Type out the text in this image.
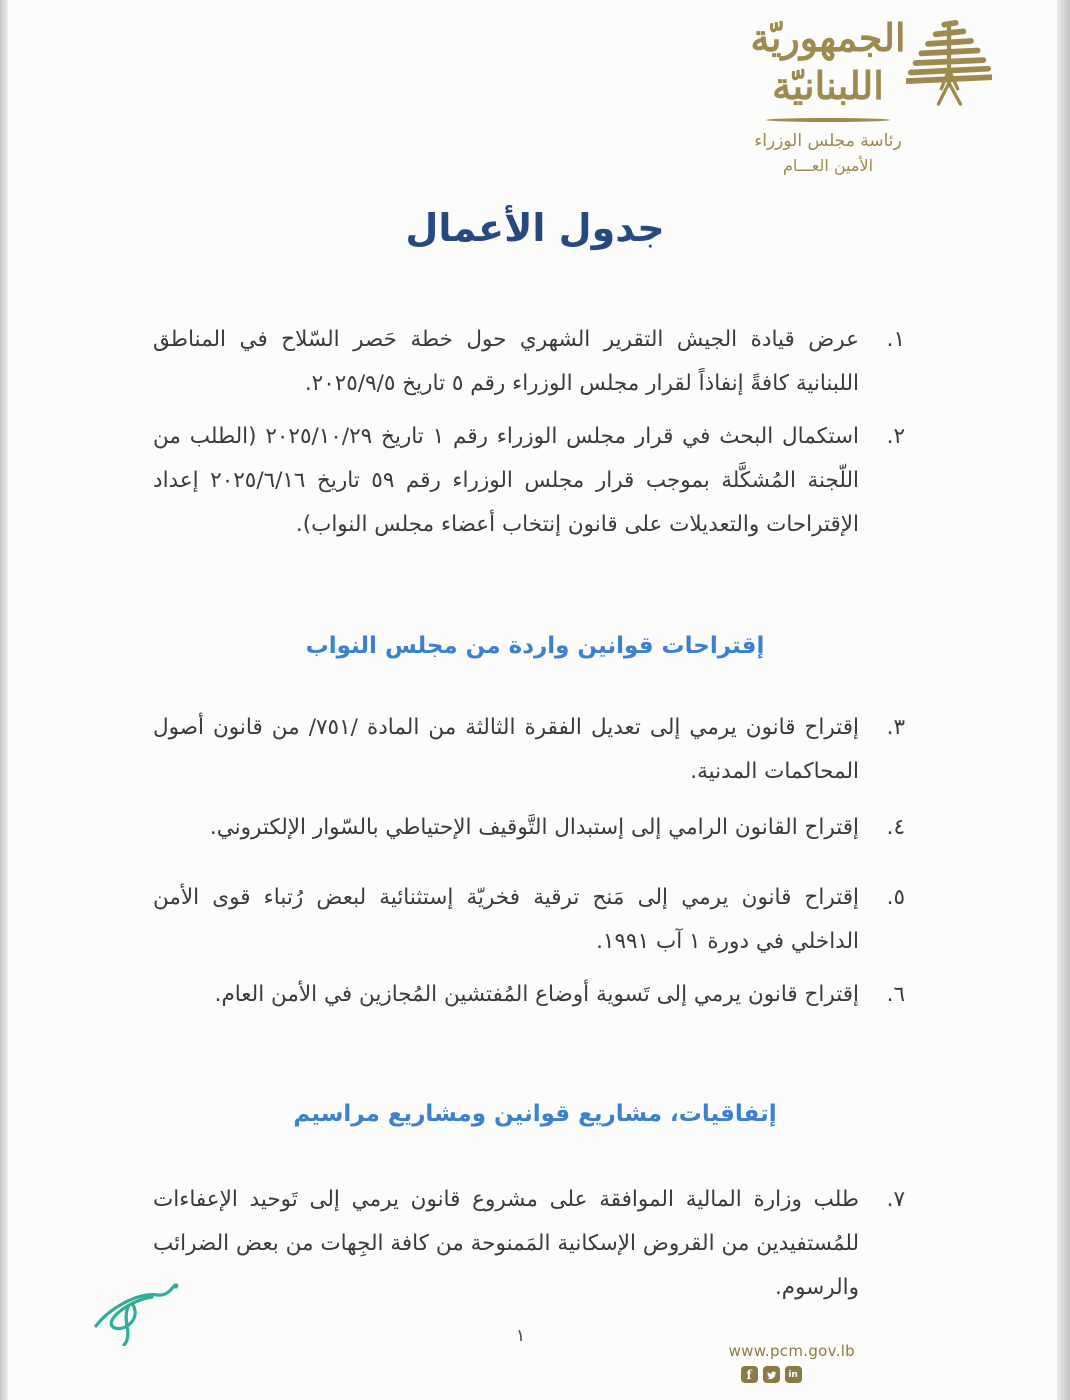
الجمهوريّة
اللبنانيّة
رئاسة مجلس الوزراء
الأمين العـــام
جدول الأعمال
١.
عرض قيادة الجيش التقرير الشهري حول خطة حَصر السّلاح في المناطق اللبنانية كافةً إنفاذاً لقرار مجلس الوزراء رقم ٥ تاريخ ٢٠٢٥/٩/٥.
٢.
استكمال البحث في قرار مجلس الوزراء رقم ١ تاريخ ٢٠٢٥/١٠/٢٩ (الطلب من اللّجنة المُشكَّلة بموجب قرار مجلس الوزراء رقم ٥٩ تاريخ ٢٠٢٥/٦/١٦ إعداد الإقتراحات والتعديلات على قانون إنتخاب أعضاء مجلس النواب).
إقتراحات قوانين واردة من مجلس النواب
٣.
إقتراح قانون يرمي إلى تعديل الفقرة الثالثة من المادة /٧٥١/ من قانون أصول المحاكمات المدنية.
٤.
إقتراح القانون الرامي إلى إستبدال التَّوقيف الإحتياطي بالسّوار الإلكتروني.
٥.
إقتراح قانون يرمي إلى مَنح ترقية فخريّة إستثنائية لبعض رُتباء قوى الأمن الداخلي في دورة ١ آب ١٩٩١.
٦.
إقتراح قانون يرمي إلى تَسوية أوضاع المُفتشين المُجازين في الأمن العام.
إتفاقيات، مشاريع قوانين ومشاريع مراسيم
٧.
طلب وزارة المالية الموافقة على مشروع قانون يرمي إلى تَوحيد الإعفاءات للمُستفيدين من القروض الإسكانية المَمنوحة من كافة الجِهات من بعض الضرائب والرسوم.
١
www.pcm.gov.lb
f	in
